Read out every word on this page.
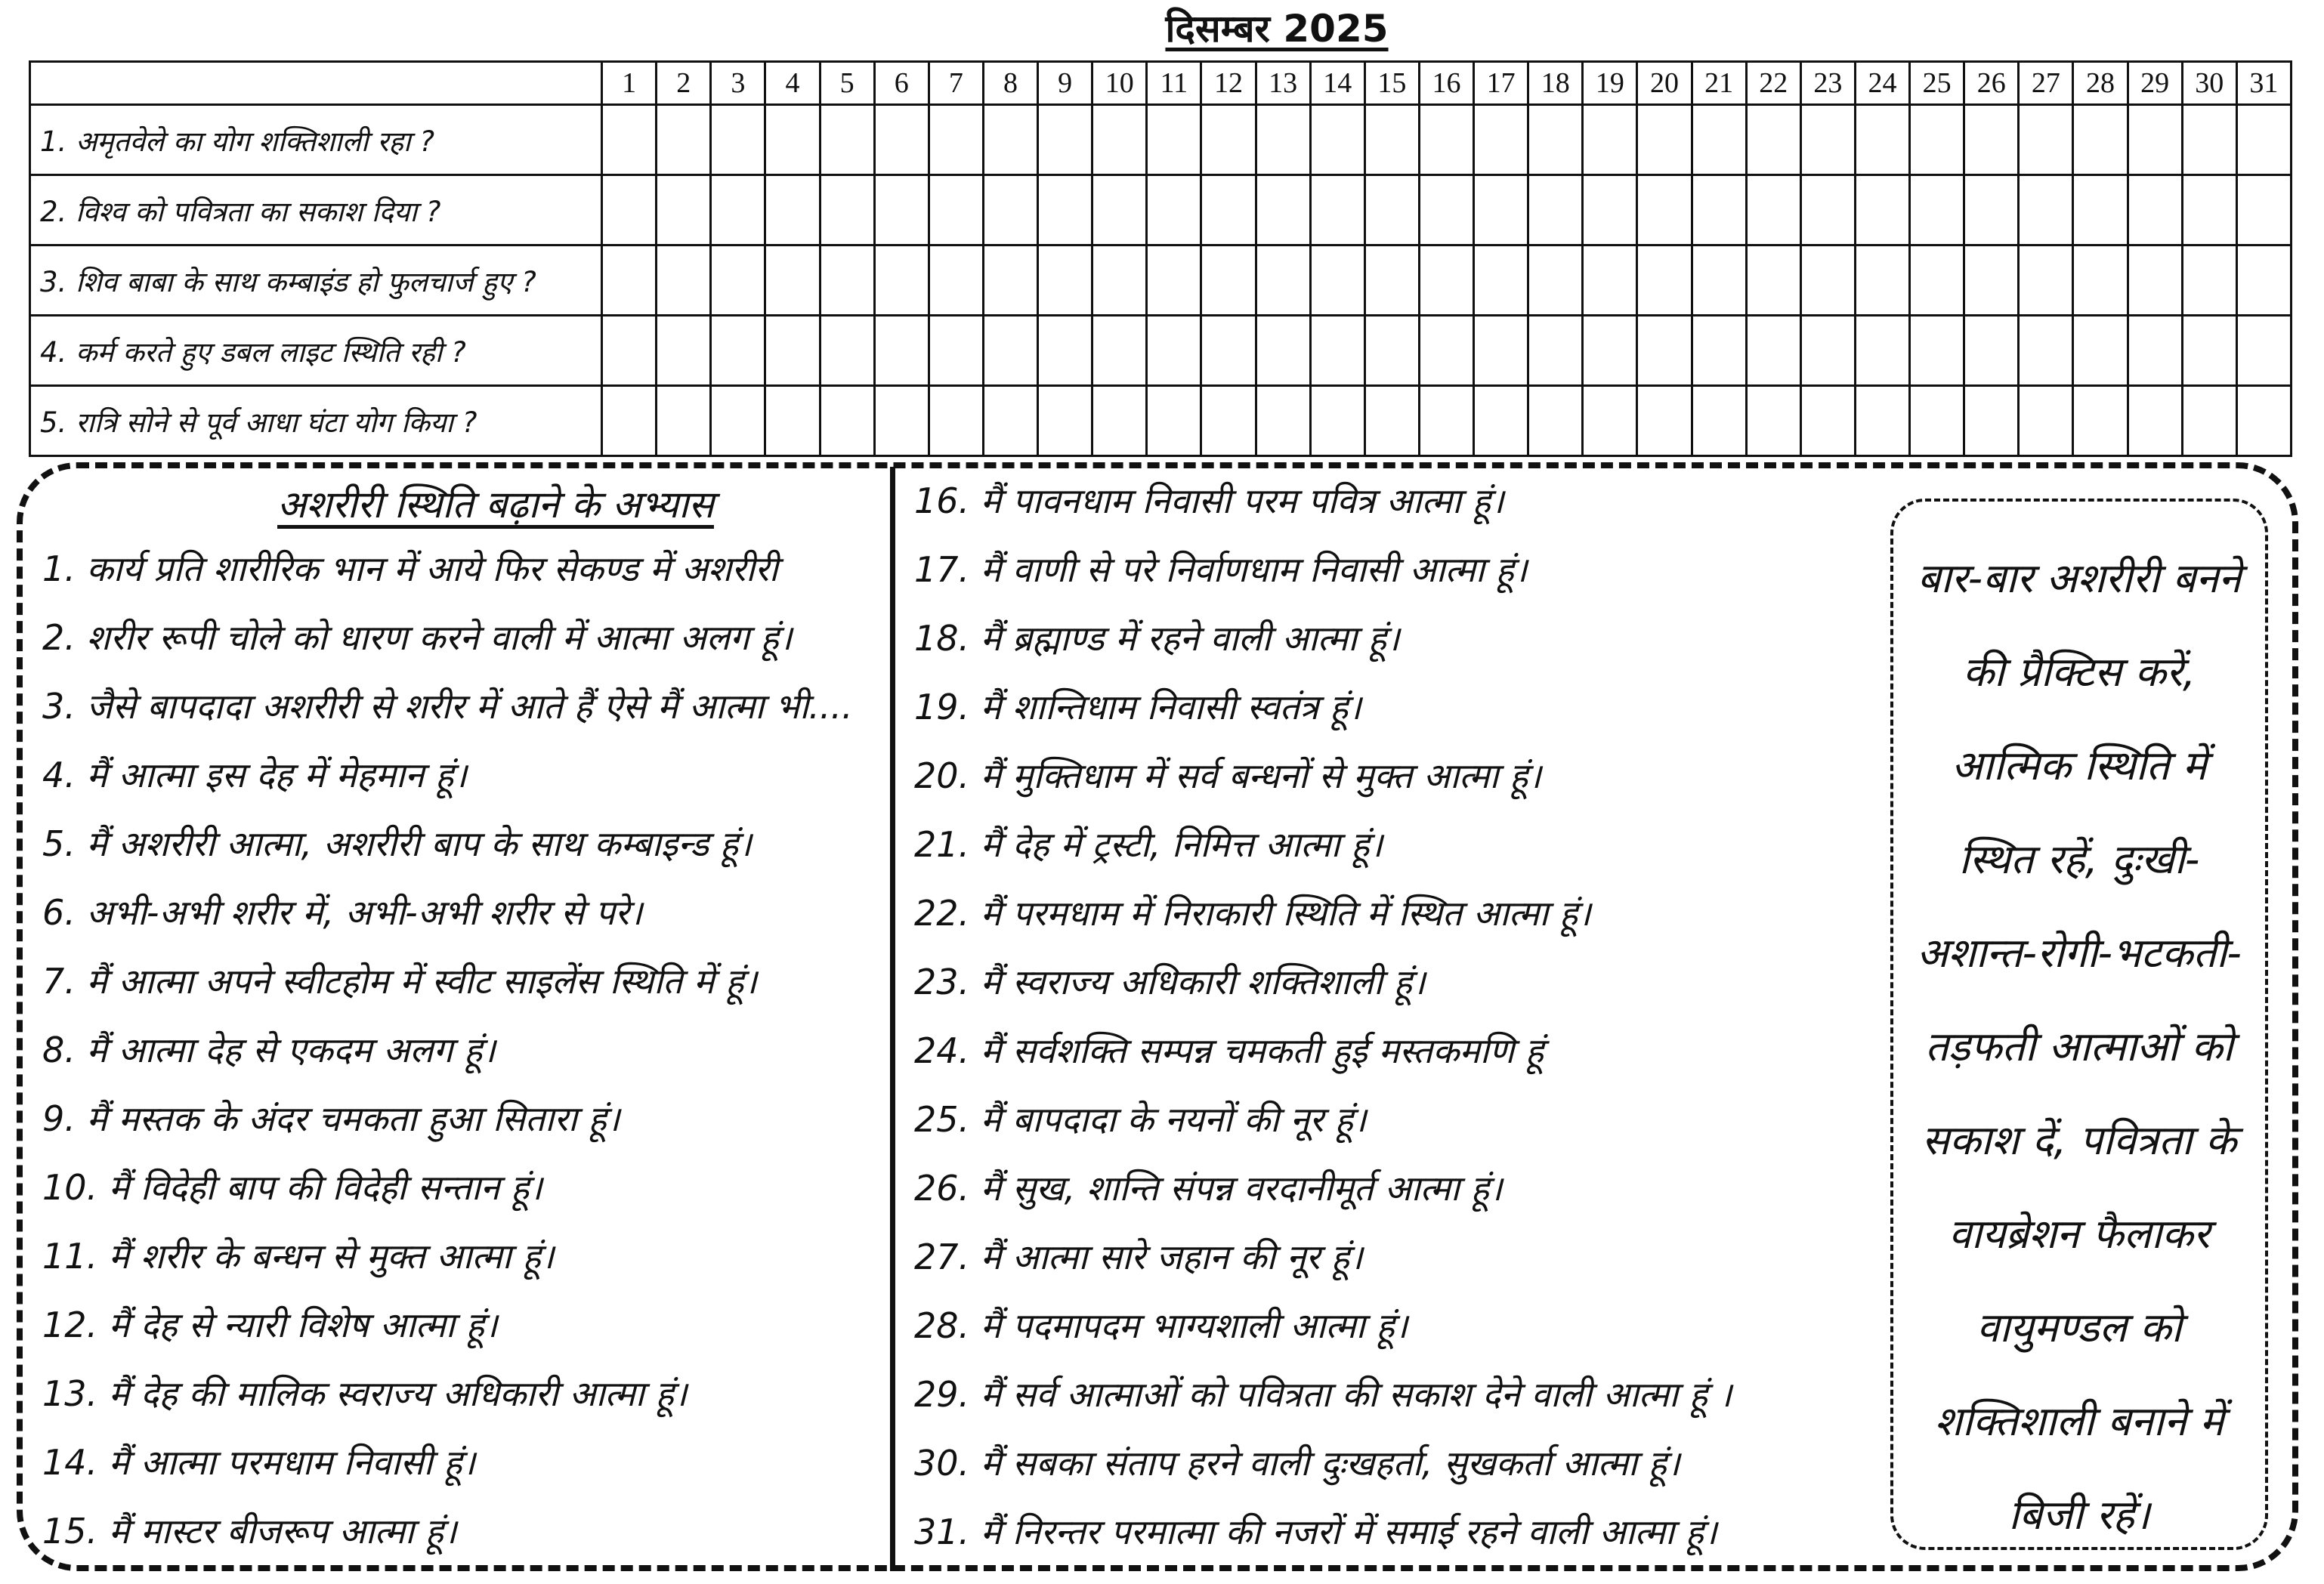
दिसम्बर 2025
	1	2	3	4	5	6	7	8	9	10	11	12	13	14	15	16	17	18	19	20	21	22	23	24	25	26	27	28	29	30	31
1. अमृतवेले का योग शक्तिशाली रहा ?																															
2. विश्व को पवित्रता का सकाश दिया ?																															
3. शिव बाबा के साथ कम्बाइंड हो फुलचार्ज हुए ?																															
4. कर्म करते हुए डबल लाइट स्थिति रही ?																															
5. रात्रि सोने से पूर्व आधा घंटा योग किया ?																															
अशरीरी स्थिति बढ़ाने के अभ्यास
1. कार्य प्रति शारीरिक भान में आये फिर सेकण्ड में अशरीरी
2. शरीर रूपी चोले को धारण करने वाली में आत्मा अलग हूं।
3. जैसे बापदादा अशरीरी से शरीर में आते हैं ऐसे मैं आत्मा भी....
4. मैं आत्मा इस देह में मेहमान हूं।
5. मैं अशरीरी आत्मा, अशरीरी बाप के साथ कम्बाइन्ड हूं।
6. अभी-अभी शरीर में, अभी-अभी शरीर से परे।
7. मैं आत्मा अपने स्वीटहोम में स्वीट साइलेंस स्थिति में हूं।
8. मैं आत्मा देह से एकदम अलग हूं।
9. मैं मस्तक के अंदर चमकता हुआ सितारा हूं।
10. मैं विदेही बाप की विदेही सन्तान हूं।
11. मैं शरीर के बन्धन से मुक्त आत्मा हूं।
12. मैं देह से न्यारी विशेष आत्मा हूं।
13. मैं देह की मालिक स्वराज्य अधिकारी आत्मा हूं।
14. मैं आत्मा परमधाम निवासी हूं।
15. मैं मास्टर बीजरूप आत्मा हूं।
16. मैं पावनधाम निवासी परम पवित्र आत्मा हूं।
17. मैं वाणी से परे निर्वाणधाम निवासी आत्मा हूं।
18. मैं ब्रह्माण्ड में रहने वाली आत्मा हूं।
19. मैं शान्तिधाम निवासी स्वतंत्र हूं।
20. मैं मुक्तिधाम में सर्व बन्धनों से मुक्त आत्मा हूं।
21. मैं देह में ट्रस्टी, निमित्त आत्मा हूं।
22. मैं परमधाम में निराकारी स्थिति में स्थित आत्मा हूं।
23. मैं स्वराज्य अधिकारी शक्तिशाली हूं।
24. मैं सर्वशक्ति सम्पन्न चमकती हुई मस्तकमणि हूं
25. मैं बापदादा के नयनों की नूर हूं।
26. मैं सुख, शान्ति संपन्न वरदानीमूर्त आत्मा हूं।
27. मैं आत्मा सारे जहान की नूर हूं।
28. मैं पदमापदम भाग्यशाली आत्मा हूं।
29. मैं सर्व आत्माओं को पवित्रता की सकाश देने वाली आत्मा हूं ।
30. मैं सबका संताप हरने वाली दुःखहर्ता, सुखकर्ता आत्मा हूं।
31. मैं निरन्तर परमात्मा की नजरों में समाई रहने वाली आत्मा हूं।
बार-बार अशरीरी बनने की प्रैक्टिस करें, आत्मिक स्थिति में स्थित रहें, दुःखी-अशान्त-रोगी-भटकती-तड़फती आत्माओं को सकाश दें, पवित्रता के वायब्रेशन फैलाकर वायुमण्डल को शक्तिशाली बनाने में बिजी रहें।
